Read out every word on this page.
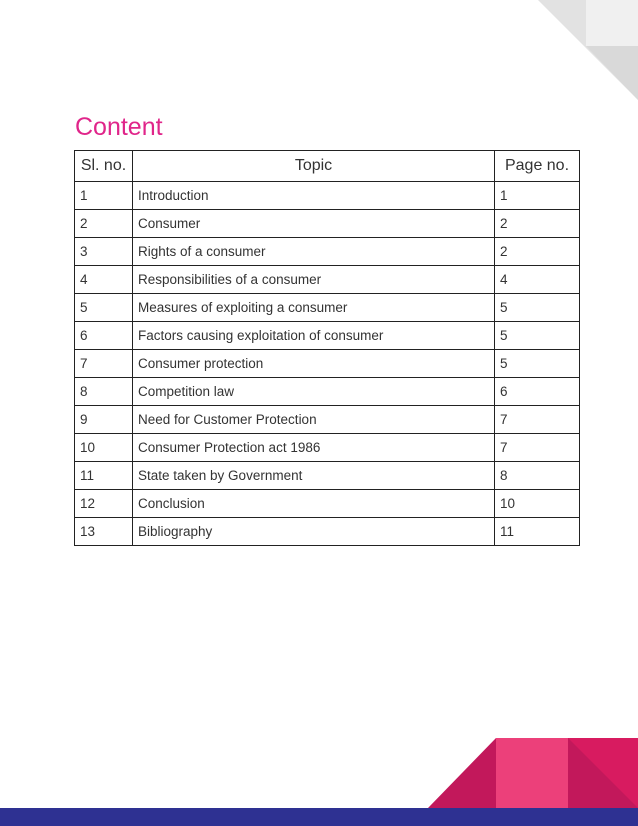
Content
Sl. no.	Topic	Page no.
1	Introduction	1
2	Consumer	2
3	Rights of a consumer	2
4	Responsibilities of a consumer	4
5	Measures of exploiting a consumer	5
6	Factors causing exploitation of consumer	5
7	Consumer protection	5
8	Competition law	6
9	Need for Customer Protection	7
10	Consumer Protection act 1986	7
11	State taken by Government	8
12	Conclusion	10
13	Bibliography	11
